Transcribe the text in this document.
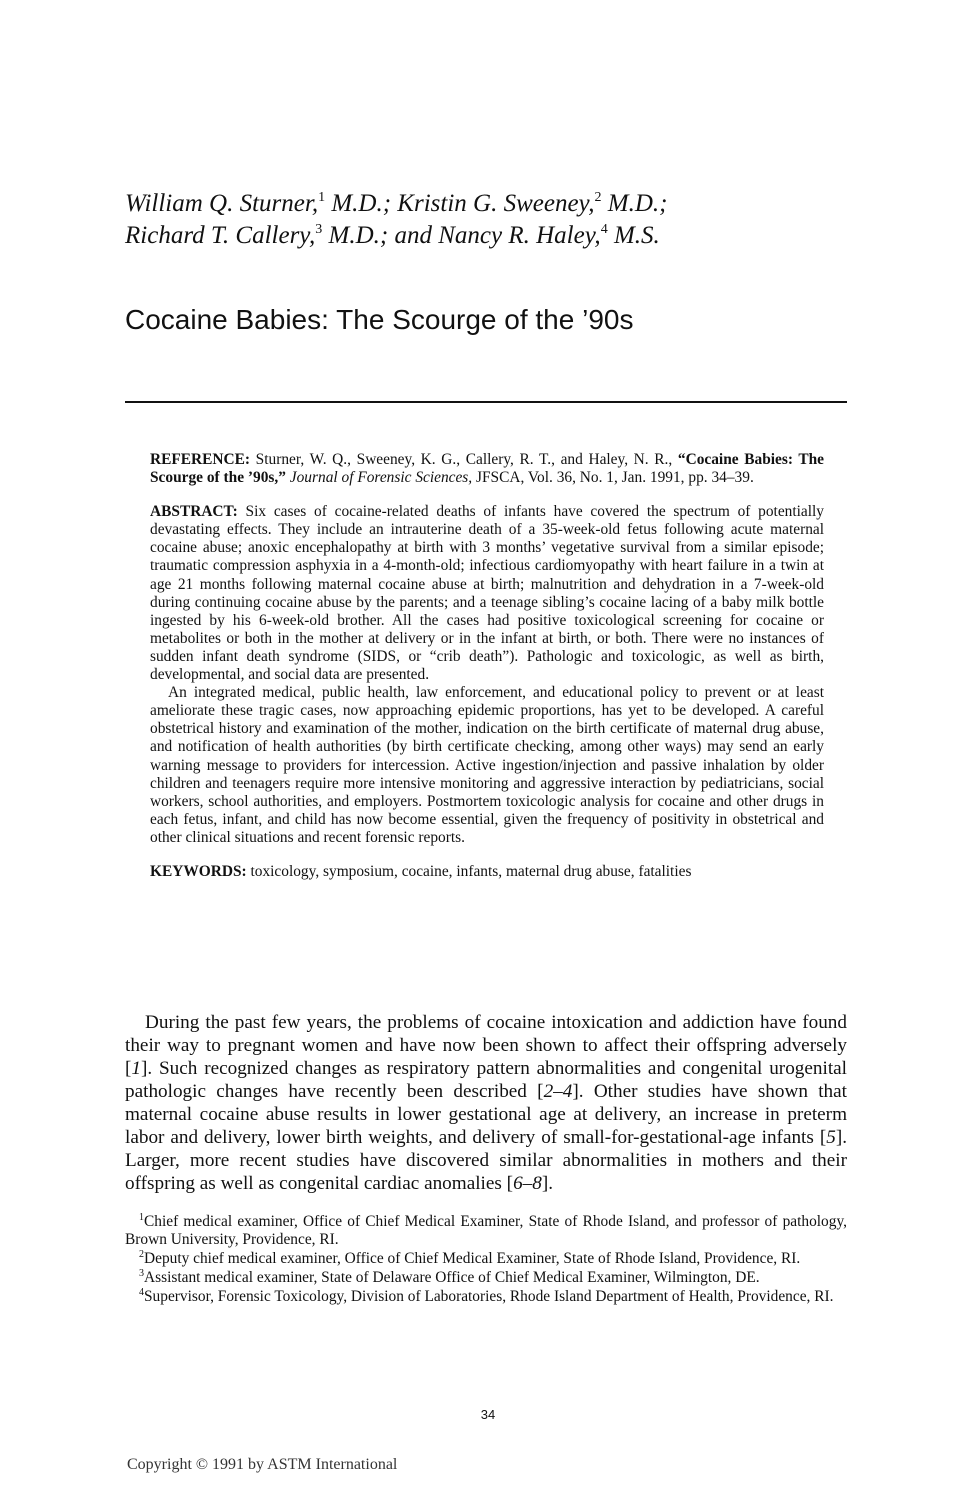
William Q. Sturner,$^1$ M.D.; Kristin G. Sweeney,$^2$ M.D.;
Richard T. Callery,$^3$ M.D.; and Nancy R. Haley,$^4$ M.S.
Cocaine Babies: The Scourge of the ’90s

REFERENCE: Sturner, W. Q., Sweeney, K. G., Callery, R. T., and Haley, N. R., “Cocaine Babies: The Scourge of the ’90s,” Journal of Forensic Sciences, JFSCA, Vol. 36, No. 1, Jan. 1991, pp. 34–39.

ABSTRACT: Six cases of cocaine-related deaths of infants have covered the spectrum of potentially devastating effects. They include an intrauterine death of a 35-week-old fetus following acute maternal cocaine abuse; anoxic encephalopathy at birth with 3 months’ vegetative survival from a similar episode; traumatic compression asphyxia in a 4-month-old; infectious cardiomyopathy with heart failure in a twin at age 21 months following maternal cocaine abuse at birth; malnutrition and dehydration in a 7-week-old during continuing cocaine abuse by the parents; and a teenage sibling’s cocaine lacing of a baby milk bottle ingested by his 6-week-old brother. All the cases had positive toxicological screening for cocaine or metabolites or both in the mother at delivery or in the infant at birth, or both. There were no instances of sudden infant death syndrome (SIDS, or “crib death”). Pathologic and toxicologic, as well as birth, developmental, and social data are presented.

An integrated medical, public health, law enforcement, and educational policy to prevent or at least ameliorate these tragic cases, now approaching epidemic proportions, has yet to be developed. A careful obstetrical history and examination of the mother, indication on the birth certificate of maternal drug abuse, and notification of health authorities (by birth certificate checking, among other ways) may send an early warning message to providers for intercession. Active ingestion/injection and passive inhalation by older children and teenagers require more intensive monitoring and aggressive interaction by pediatricians, social workers, school authorities, and employers. Postmortem toxicologic analysis for cocaine and other drugs in each fetus, infant, and child has now become essential, given the frequency of positivity in obstetrical and other clinical situations and recent forensic reports.

KEYWORDS: toxicology, symposium, cocaine, infants, maternal drug abuse, fatalities

During the past few years, the problems of cocaine intoxication and addiction have found their way to pregnant women and have now been shown to affect their offspring adversely [1]. Such recognized changes as respiratory pattern abnormalities and congenital urogenital pathologic changes have recently been described [2–4]. Other studies have shown that maternal cocaine abuse results in lower gestational age at delivery, an increase in preterm labor and delivery, lower birth weights, and delivery of small-for-gestational-age infants [5]. Larger, more recent studies have discovered similar abnormalities in mothers and their offspring as well as congenital cardiac anomalies [6–8].

$^1$Chief medical examiner, Office of Chief Medical Examiner, State of Rhode Island, and professor of pathology, Brown University, Providence, RI.

$^2$Deputy chief medical examiner, Office of Chief Medical Examiner, State of Rhode Island, Providence, RI.

$^3$Assistant medical examiner, State of Delaware Office of Chief Medical Examiner, Wilmington, DE.

$^4$Supervisor, Forensic Toxicology, Division of Laboratories, Rhode Island Department of Health, Providence, RI.

34
Copyright © 1991 by ASTM International
